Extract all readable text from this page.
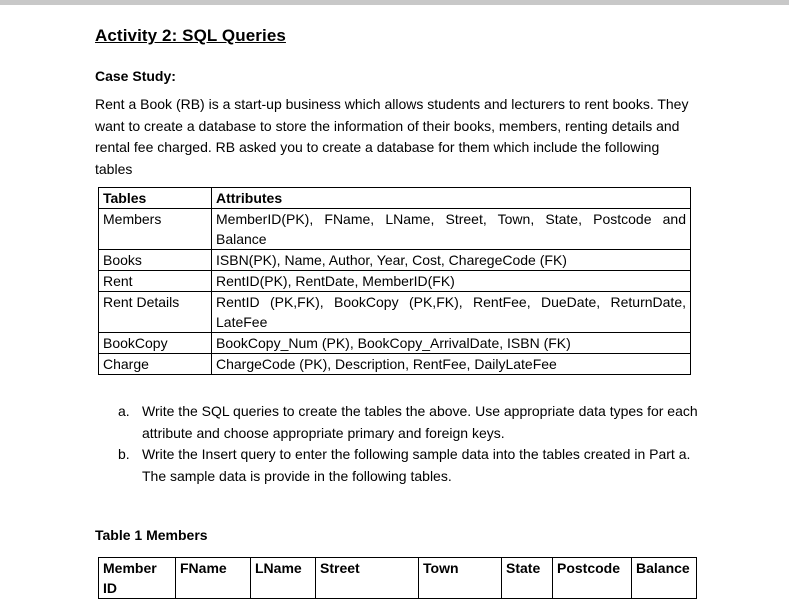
Activity 2: SQL Queries
Case Study:
Rent a Book (RB) is a start-up business which allows students and lecturers to rent books. They want to create a database to store the information of their books, members, renting details and rental fee charged. RB asked you to create a database for them which include the following tables
Tables	Attributes
Members	MemberID(PK), FName, LName, Street, Town, State, Postcode and Balance
Books	ISBN(PK), Name, Author, Year, Cost, CharegeCode (FK)
Rent	RentID(PK), RentDate, MemberID(FK)
Rent Details	RentID (PK,FK), BookCopy (PK,FK), RentFee, DueDate, ReturnDate, LateFee
BookCopy	BookCopy_Num (PK), BookCopy_ArrivalDate, ISBN (FK)
Charge	ChargeCode (PK), Description, RentFee, DailyLateFee
a. Write the SQL queries to create the tables the above. Use appropriate data types for each attribute and choose appropriate primary and foreign keys.
b. Write the Insert query to enter the following sample data into the tables created in Part a. The sample data is provide in the following tables.
Table 1 Members
Member ID	FName	LName	Street	Town	State	Postcode	Balance
